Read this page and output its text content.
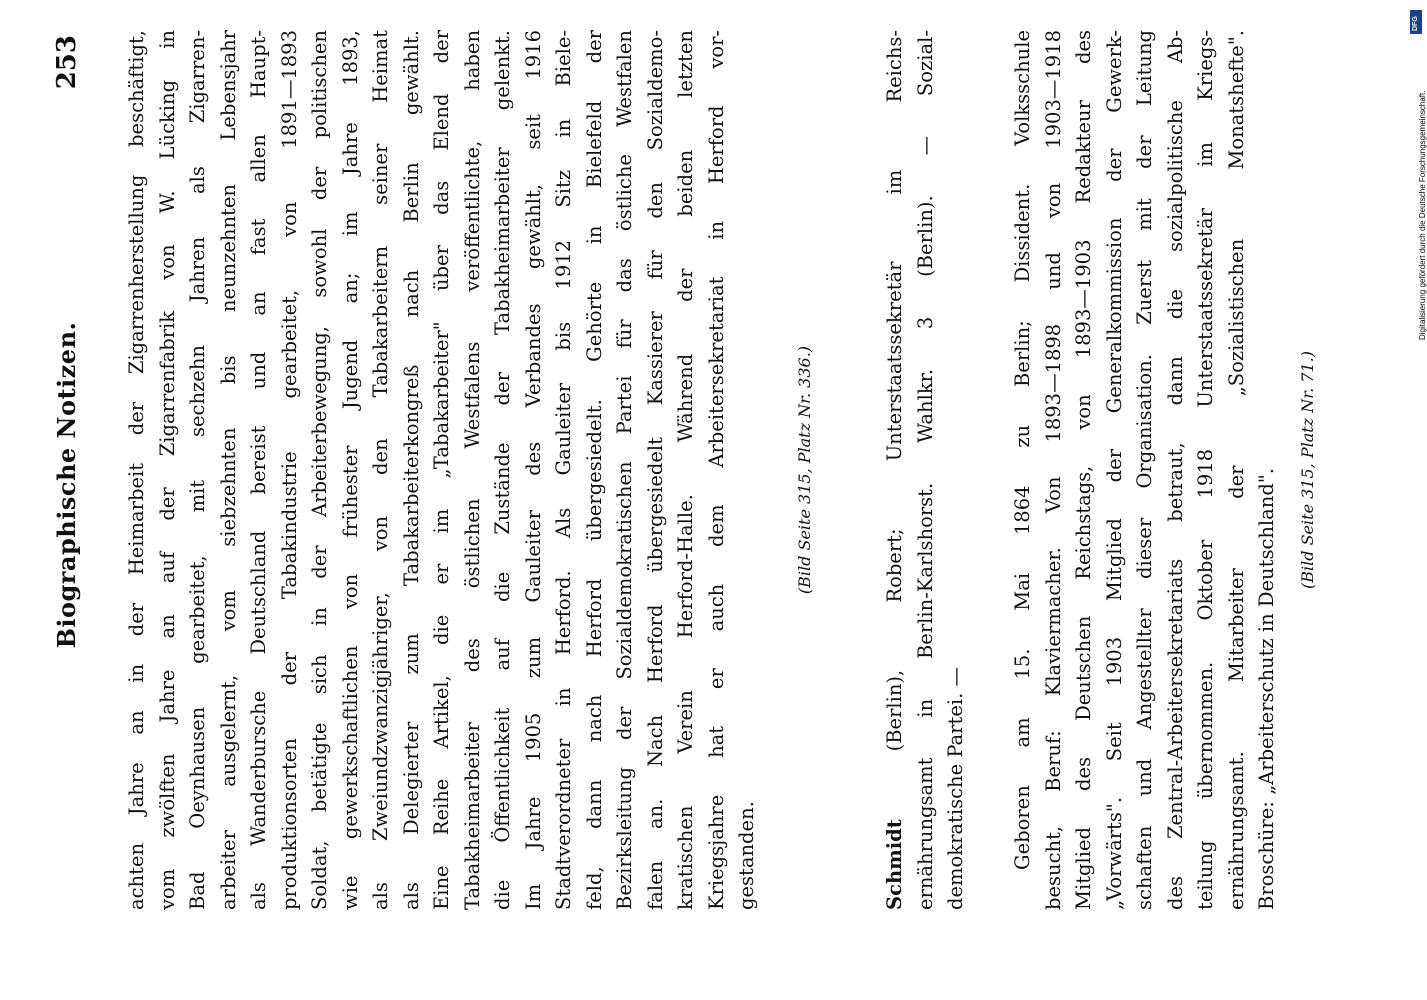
Biographische Notizen.
253 achten Jahre an in der Heimarbeit der Zigarrenherstellung beschäftigt, vom zwölften Jahre an auf der Zigarrenfabrik von W. Lücking in Bad Oeynhausen gearbeitet, mit sechzehn Jahren als Zigarren- arbeiter ausgelernt, vom siebzehnten bis neunzehnten Lebensjahr als Wanderbursche Deutschland bereist und an fast allen Haupt- produktionsorten der Tabakindustrie gearbeitet, von 1891—1893 Soldat, betätigte sich in der Arbeiterbewegung, sowohl der politischen wie gewerkschaftlichen von frühester Jugend an; im Jahre 1893, als Zweiundzwanzigjähriger, von den Tabakarbeitern seiner Heimat als Delegierter zum Tabakarbeiterkongreß nach Berlin gewählt. Eine Reihe Artikel, die er im „Tabakarbeiter" über das Elend der Tabakheimarbeiter des östlichen Westfalens veröffentlichte, haben die Öffentlichkeit auf die Zustände der Tabakheimarbeiter gelenkt. Im Jahre 1905 zum Gauleiter des Verbandes gewählt, seit 1916 Stadtverordneter in Herford. Als Gauleiter bis 1912 Sitz in Biele- feld, dann nach Herford übergesiedelt. Gehörte in Bielefeld der Bezirksleitung der Sozialdemokratischen Partei für das östliche Westfalen falen an. Nach Herford übergesiedelt Kassierer für den Sozialdemo- kratischen Verein Herford-Halle. Während der beiden letzten Kriegsjahre hat er auch dem Arbeitersekretariat in Herford vor- gestanden.
(Bild Seite 315, Platz Nr. 336.)
Schmidt (Berlin), Robert; Unterstaatssekretär im Reichs- ernährungsamt in Berlin-Karlshorst. Wahlkr. 3 (Berlin). — Sozial- demokratische Partei. — Geboren am 15. Mai 1864 zu Berlin; Dissident. Volksschule besucht, Beruf: Klaviermacher. Von 1893—1898 und von 1903—1918 Mitglied des Deutschen Reichstags, von 1893—1903 Redakteur des „Vorwärts". Seit 1903 Mitglied der Generalkommission der Gewerk- schaften und Angestellter dieser Organisation. Zuerst mit der Leitung des Zentral-Arbeitersekretariats betraut, dann die sozialpolitische Ab- teilung übernommen. Oktober 1918 Unterstaatssekretär im Kriegs- ernährungsamt. Mitarbeiter der „Sozialistischen Monatshefte". Broschüre: „Arbeiterschutz in Deutschland". (Bild Seite 315, Platz Nr. 71.)
DFG
Digitalisierung gefördert durch die Deutsche Forschungsgemeinschaft.
